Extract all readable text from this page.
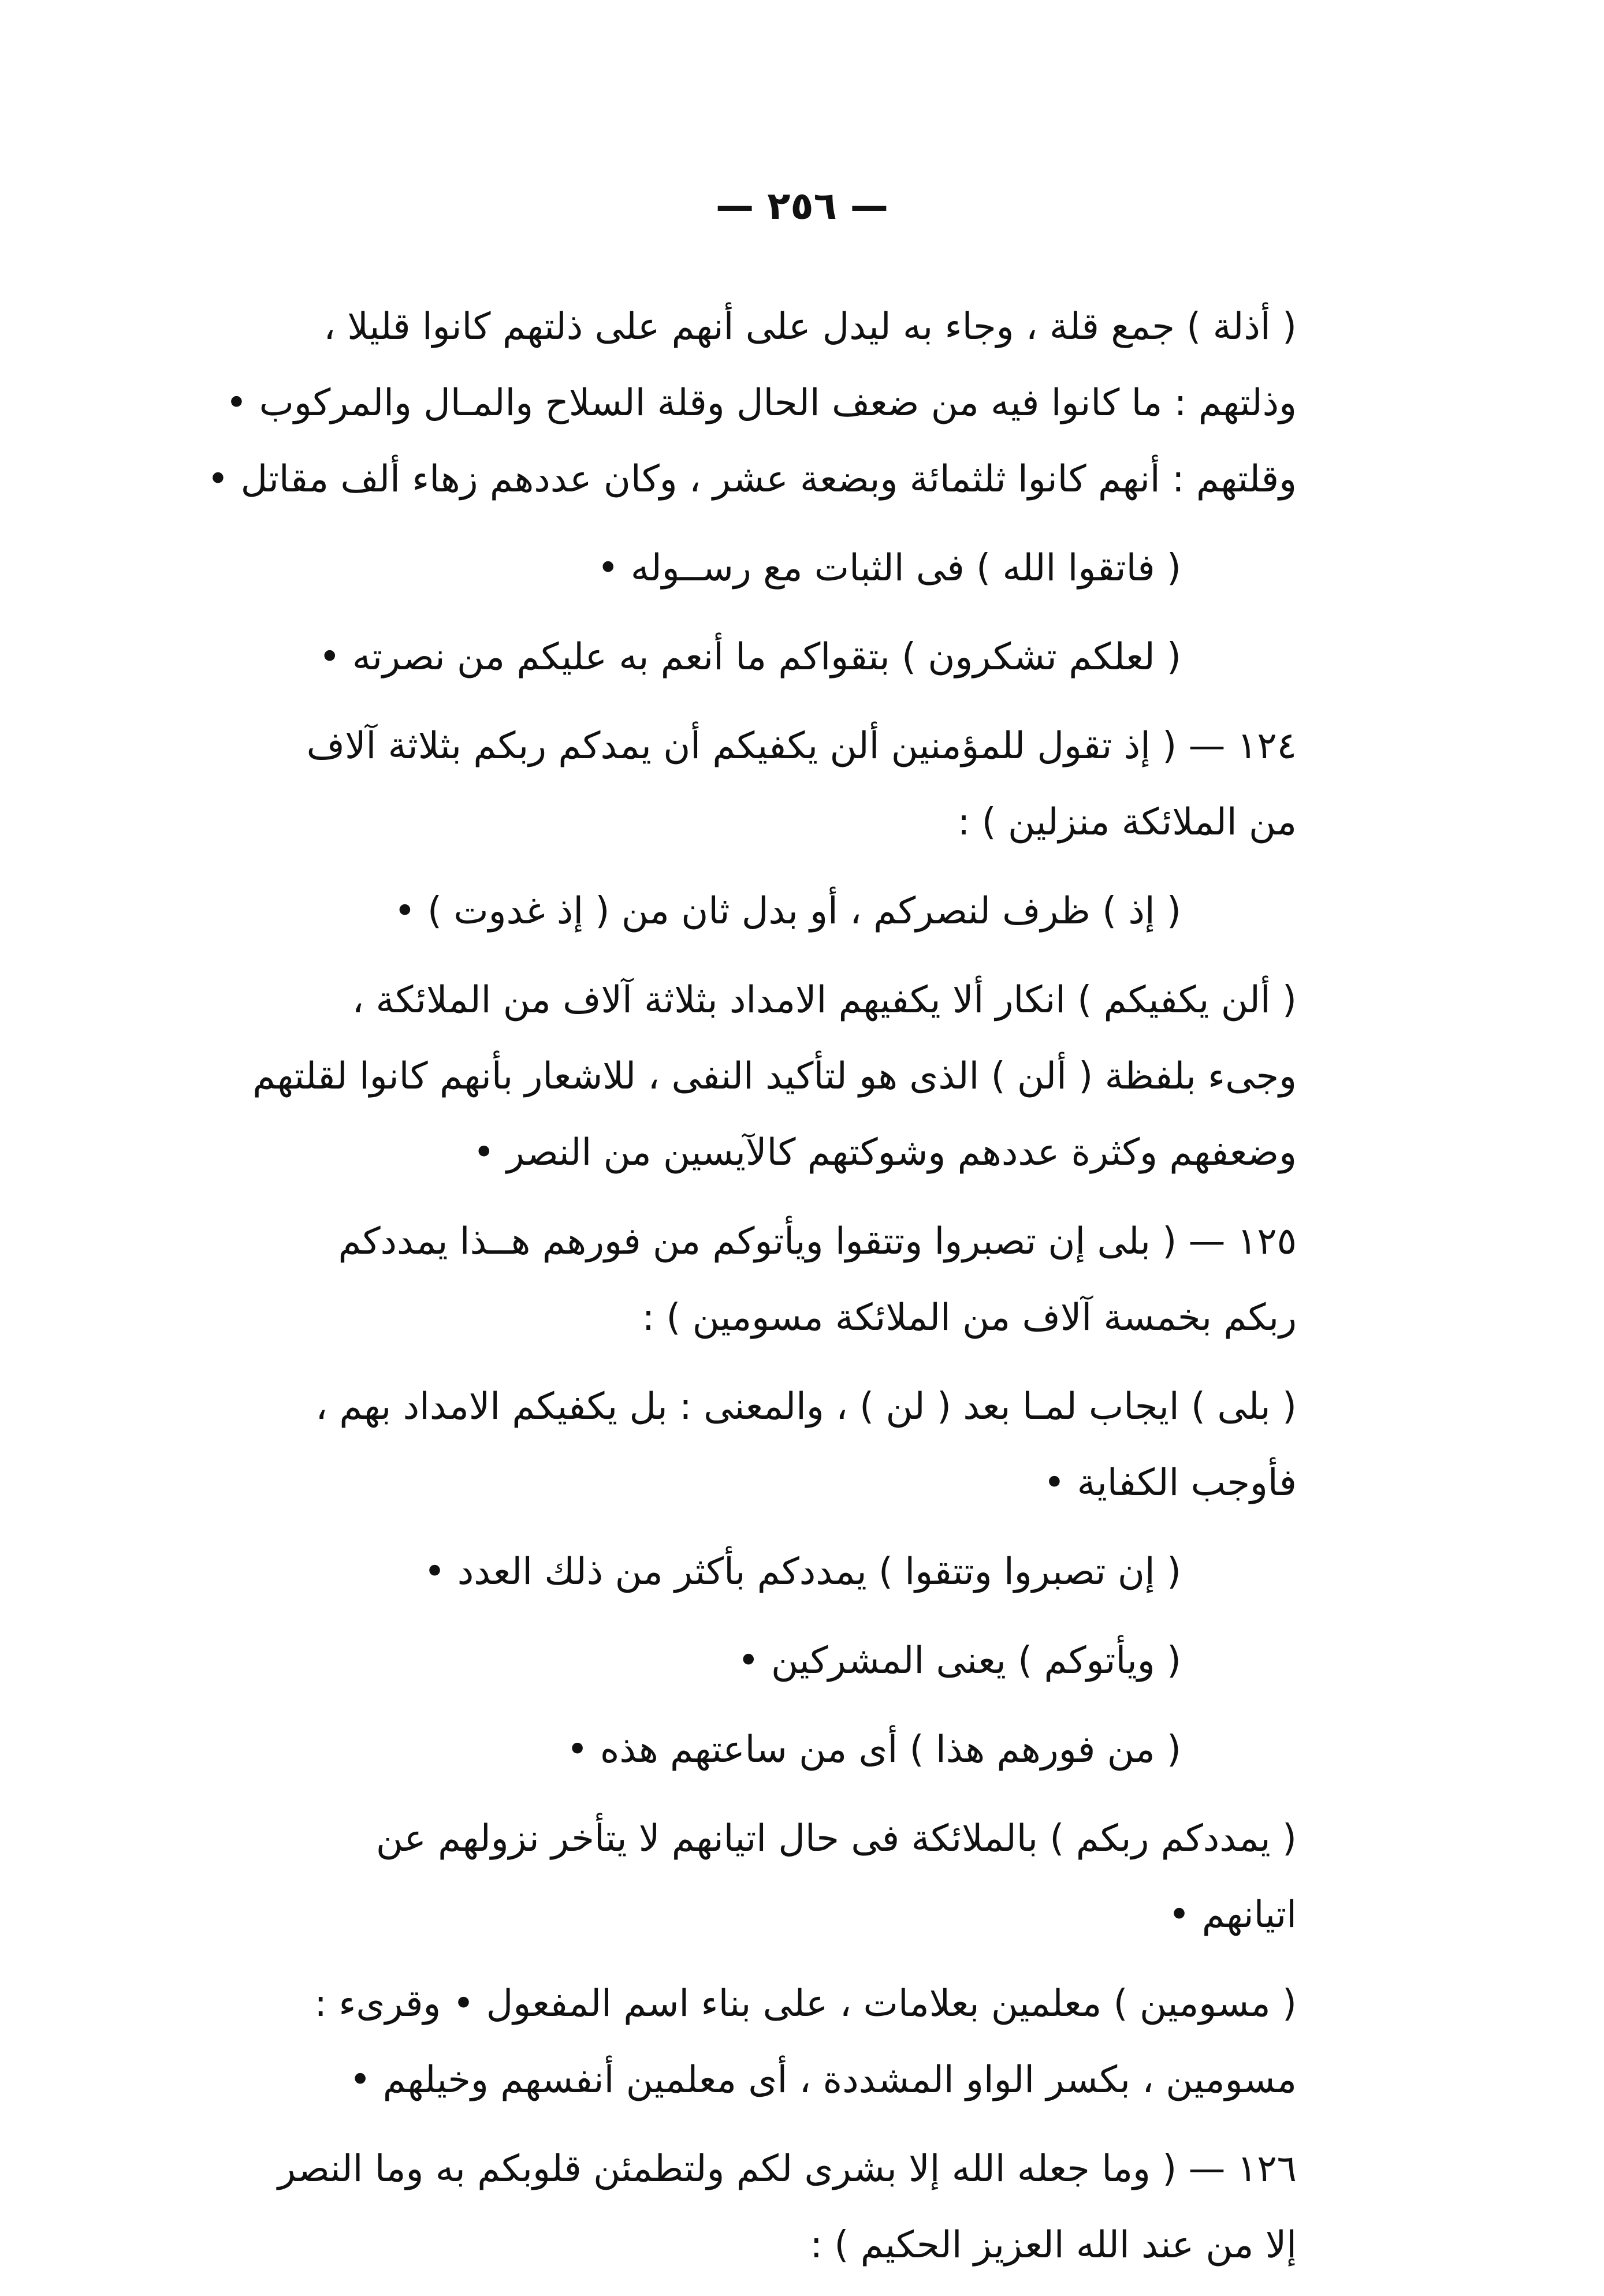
— ٢٥٦ —

( أذلة ) جمع قلة ، وجاء به ليدل على أنهم على ذلتهم كانوا قليلا ،
وذلتهم : ما كانوا فيه من ضعف الحال وقلة السلاح والمـال والمركوب •
وقلتهم : أنهم كانوا ثلثمائة وبضعة عشر ، وكان عددهم زهاء ألف مقاتل •

( فاتقوا الله ) فى الثبات مع رســوله •

( لعلكم تشكرون ) بتقواكم ما أنعم به عليكم من نصرته •

١٢٤ — ( إذ تقول للمؤمنين ألن يكفيكم أن يمدكم ربكم بثلاثة آلاف
من الملائكة منزلين ) :

( إذ ) ظرف لنصركم ، أو بدل ثان من ( إذ غدوت ) •

( ألن يكفيكم ) انكار ألا يكفيهم الامداد بثلاثة آلاف من الملائكة ،
وجىء بلفظة ( ألن ) الذى هو لتأكيد النفى ، للاشعار بأنهم كانوا لقلتهم
وضعفهم وكثرة عددهم وشوكتهم كالآيسين من النصر •

١٢٥ — ( بلى إن تصبروا وتتقوا ويأتوكم من فورهم هــذا يمددكم
ربكم بخمسة آلاف من الملائكة مسومين ) :

( بلى ) ايجاب لمـا بعد ( لن ) ، والمعنى : بل يكفيكم الامداد بهم ،
فأوجب الكفاية •

( إن تصبروا وتتقوا ) يمددكم بأكثر من ذلك العدد •

( ويأتوكم ) يعنى المشركين •

( من فورهم هذا ) أى من ساعتهم هذه •

( يمددكم ربكم ) بالملائكة فى حال اتيانهم لا يتأخر نزولهم عن
اتيانهم •

( مسومين ) معلمين بعلامات ، على بناء اسم المفعول • وقرىء :
مسومين ، بكسر الواو المشددة ، أى معلمين أنفسهم وخيلهم •

١٢٦ — ( وما جعله الله إلا بشرى لكم ولتطمئن قلوبكم به وما النصر
إلا من عند الله العزيز الحكيم ) :
